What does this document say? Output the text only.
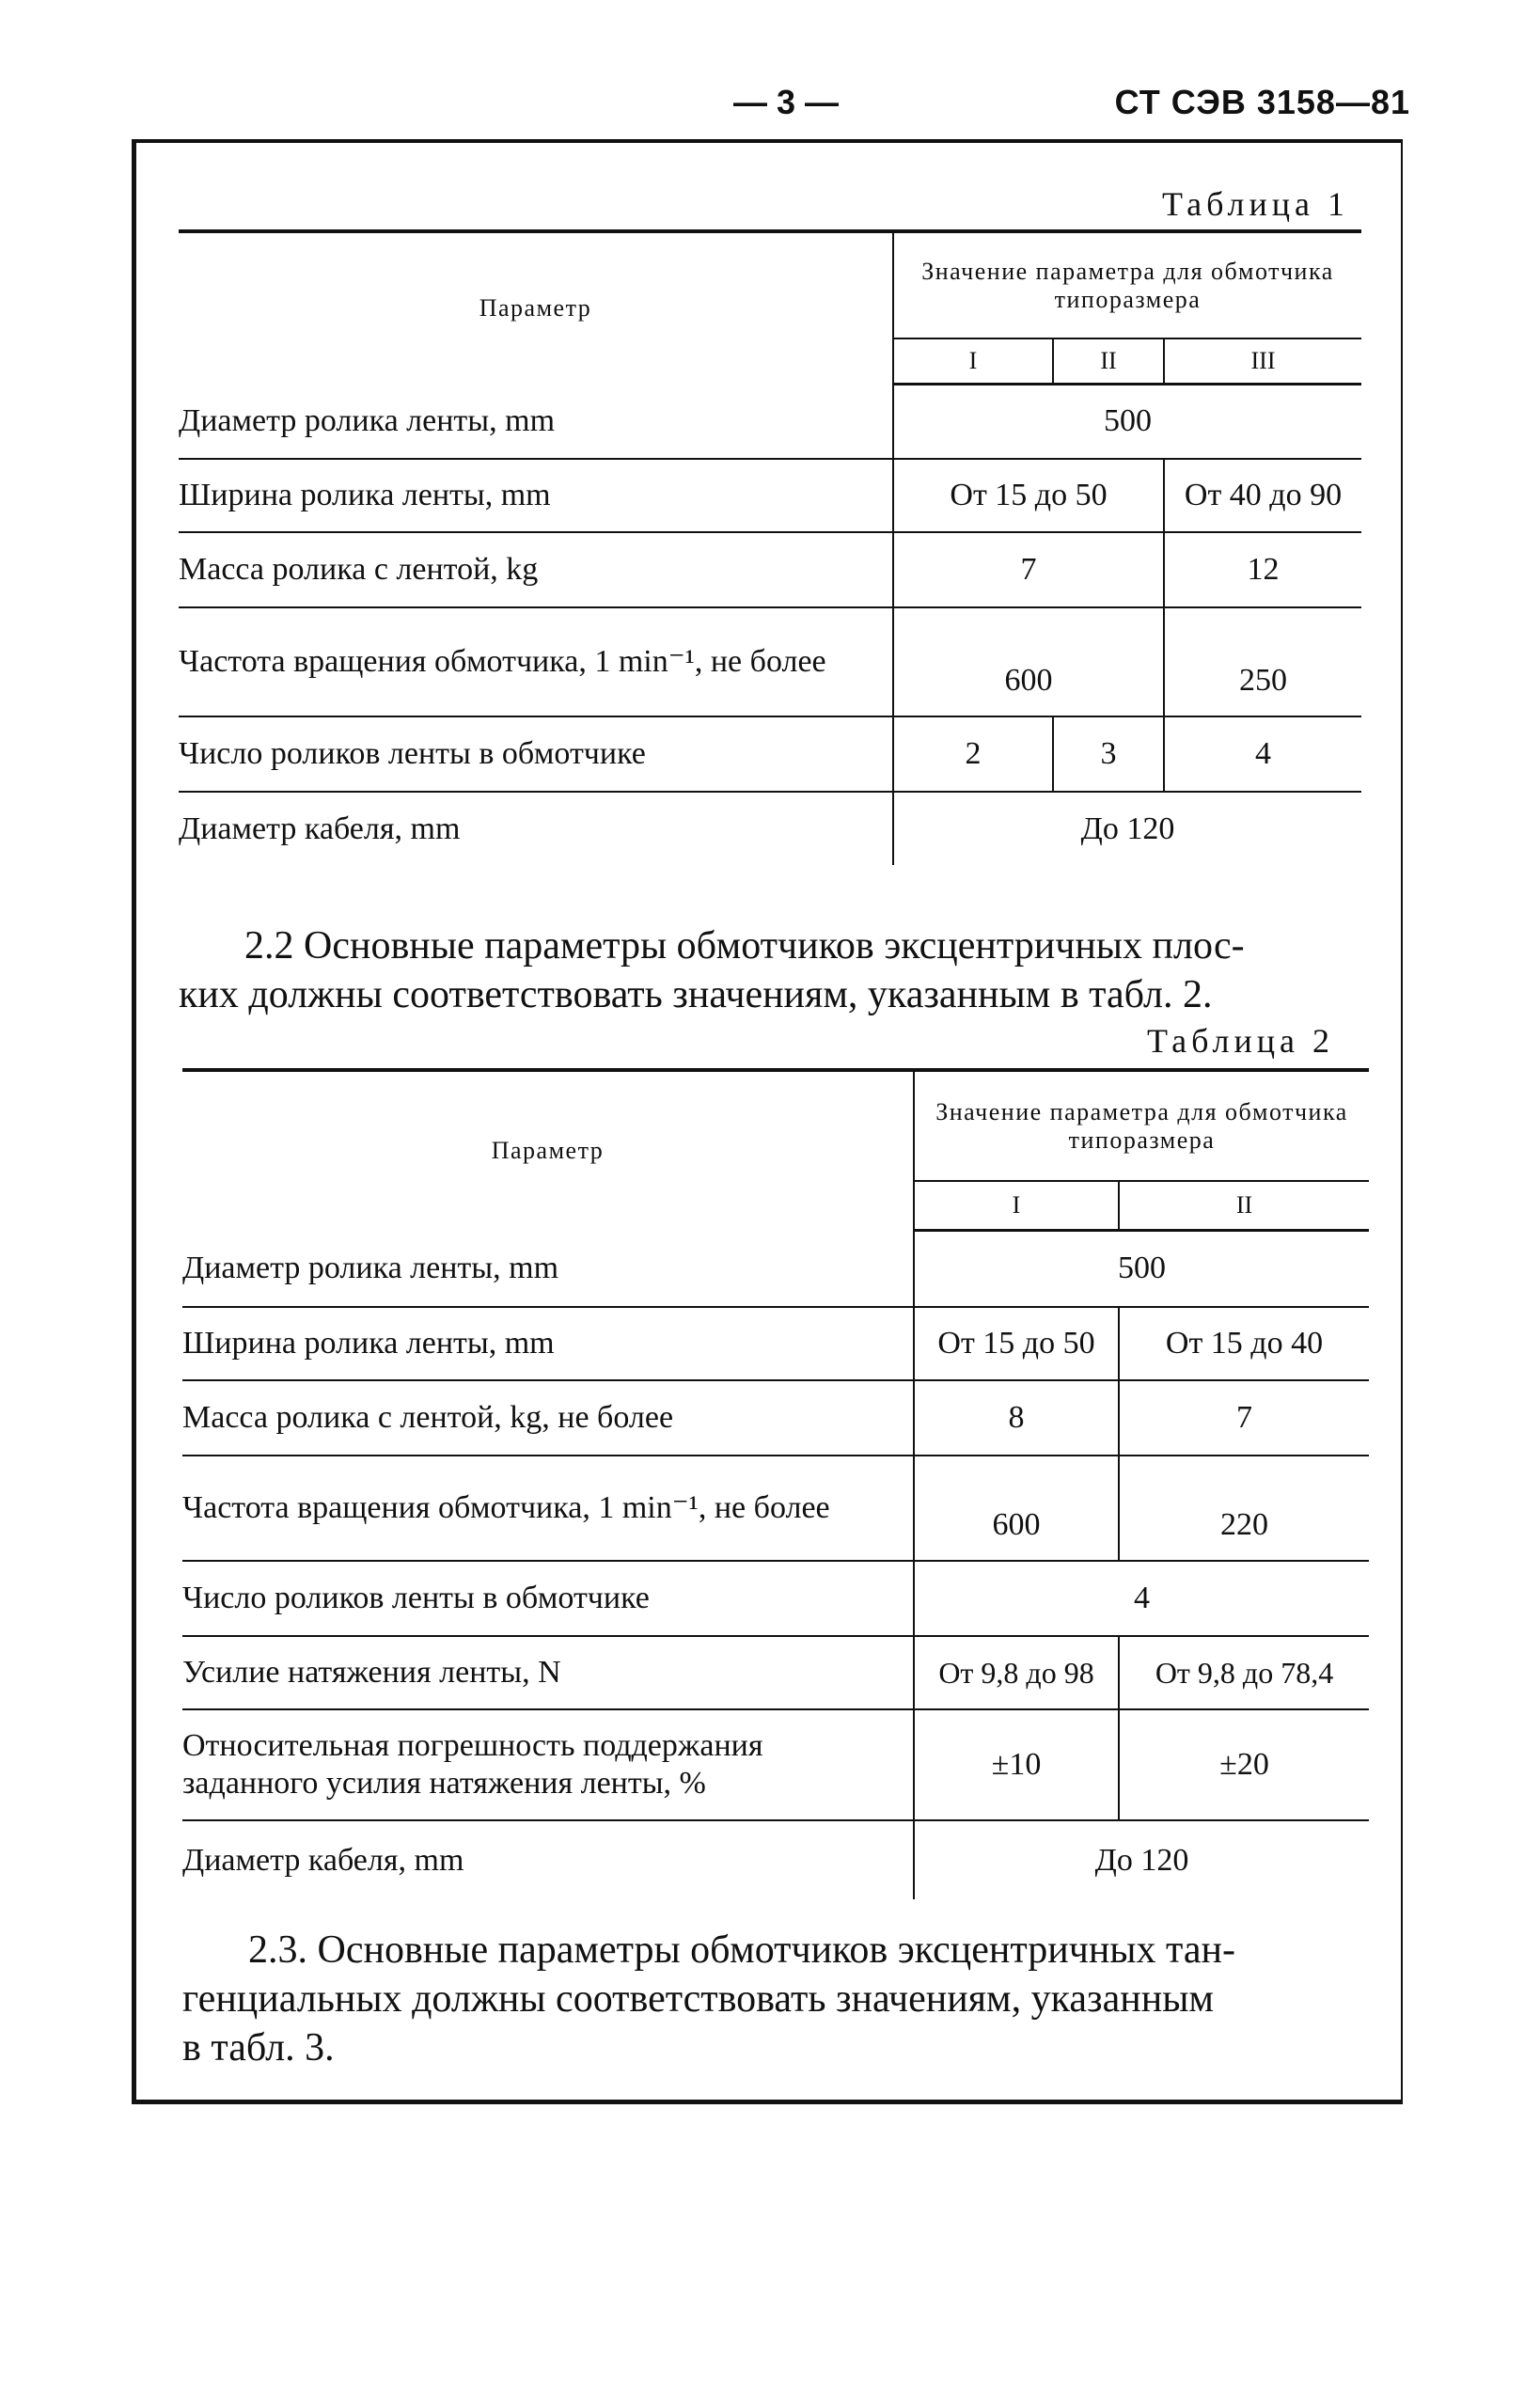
— 3 —	СТ СЭВ 3158—81
Таблица 1
Параметр	Значение параметра для обмотчика типоразмера		
	I	II	III
Диаметр ролика ленты, mm	500		
Ширина ролика ленты, mm	От 15 до 50		От 40 до 90
Масса ролика с лентой, kg	7		12
Частота вращения обмотчика, 1 min⁻¹, не более	600		250
Число роликов ленты в обмотчике	2	3	4
Диаметр кабеля, mm	До 120		
2.2 Основные параметры обмотчиков эксцентричных плос-
ких должны соответствовать значениям, указанным в табл. 2.
Таблица 2
Параметр	Значение параметра для обмотчика типоразмера	
	I	II
Диаметр ролика ленты, mm	500	
Ширина ролика ленты, mm	От 15 до 50	От 15 до 40
Масса ролика с лентой, kg, не более	8	7
Частота вращения обмотчика, 1 min⁻¹, не более	600	220
Число роликов ленты в обмотчике	4	
Усилие натяжения ленты, N	От 9,8 до 98	От 9,8 до 78,4
Относительная погрешность поддержания заданного усилия натяжения ленты, %	±10	±20
Диаметр кабеля, mm	До 120	
2.3. Основные параметры обмотчиков эксцентричных тан-
генциальных должны соответствовать значениям, указанным
в табл. 3.
